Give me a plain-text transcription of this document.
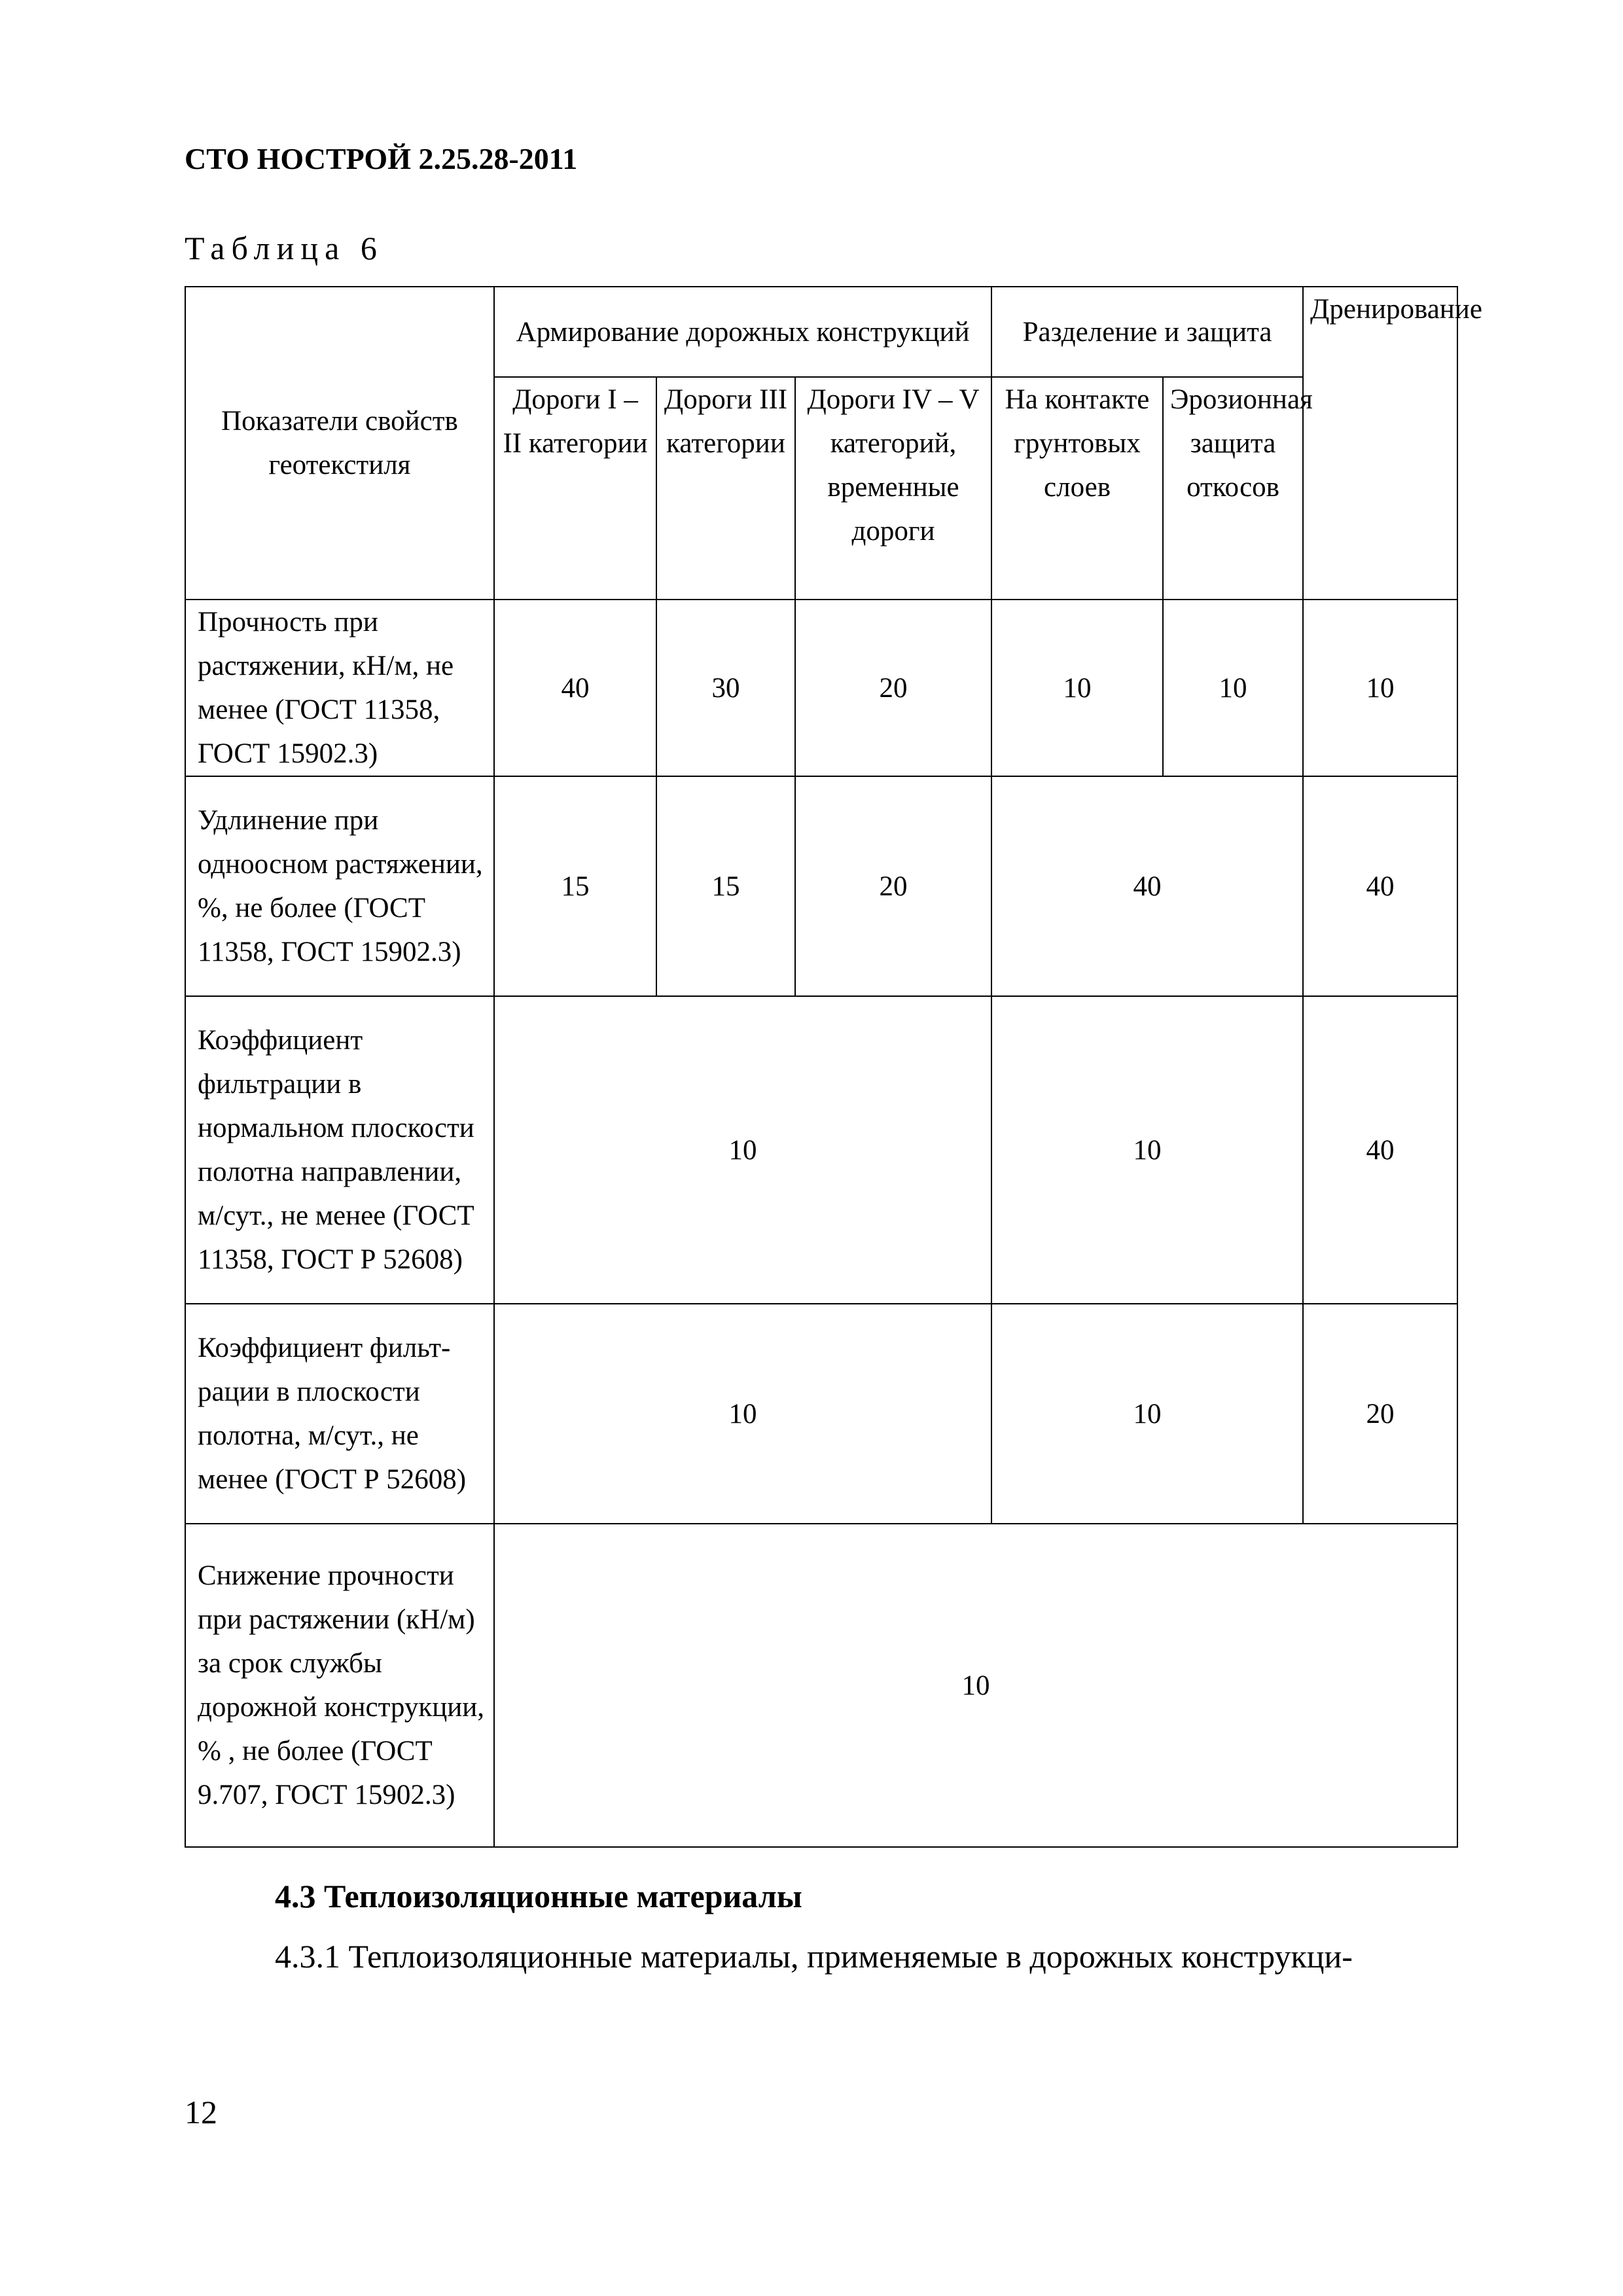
СТО НОСТРОЙ 2.25.28-2011
Таблица 6
Показатели свойств геотекстиля	Армирование дорожных конструкций			Разделение и защита		Дренирование
	Дороги I – II категории	Дороги III категории	Дороги IV – V категорий, временные дороги	На контакте грунтовых слоев	Эрозионная защита откосов	
Прочность при растяжении, кН/м, не менее (ГОСТ 11358, ГОСТ 15902.3)	40	30	20	10	10	10
Удлинение при одноосном растяжении, %, не более (ГОСТ 11358, ГОСТ 15902.3)	15	15	20	40		40
Коэффициент фильтрации в нормальном плоскости полотна направлении, м/сут., не менее (ГОСТ 11358, ГОСТ Р 52608)	10			10		40
Коэффициент фильт-рации в плоскости полотна, м/сут., не менее (ГОСТ Р 52608)	10			10		20
Снижение прочности при растяжении (кН/м) за срок службы дорожной конструкции, % , не более (ГОСТ 9.707, ГОСТ 15902.3)	10					
4.3 Теплоизоляционные материалы
4.3.1 Теплоизоляционные материалы, применяемые в дорожных конструкци-
12
